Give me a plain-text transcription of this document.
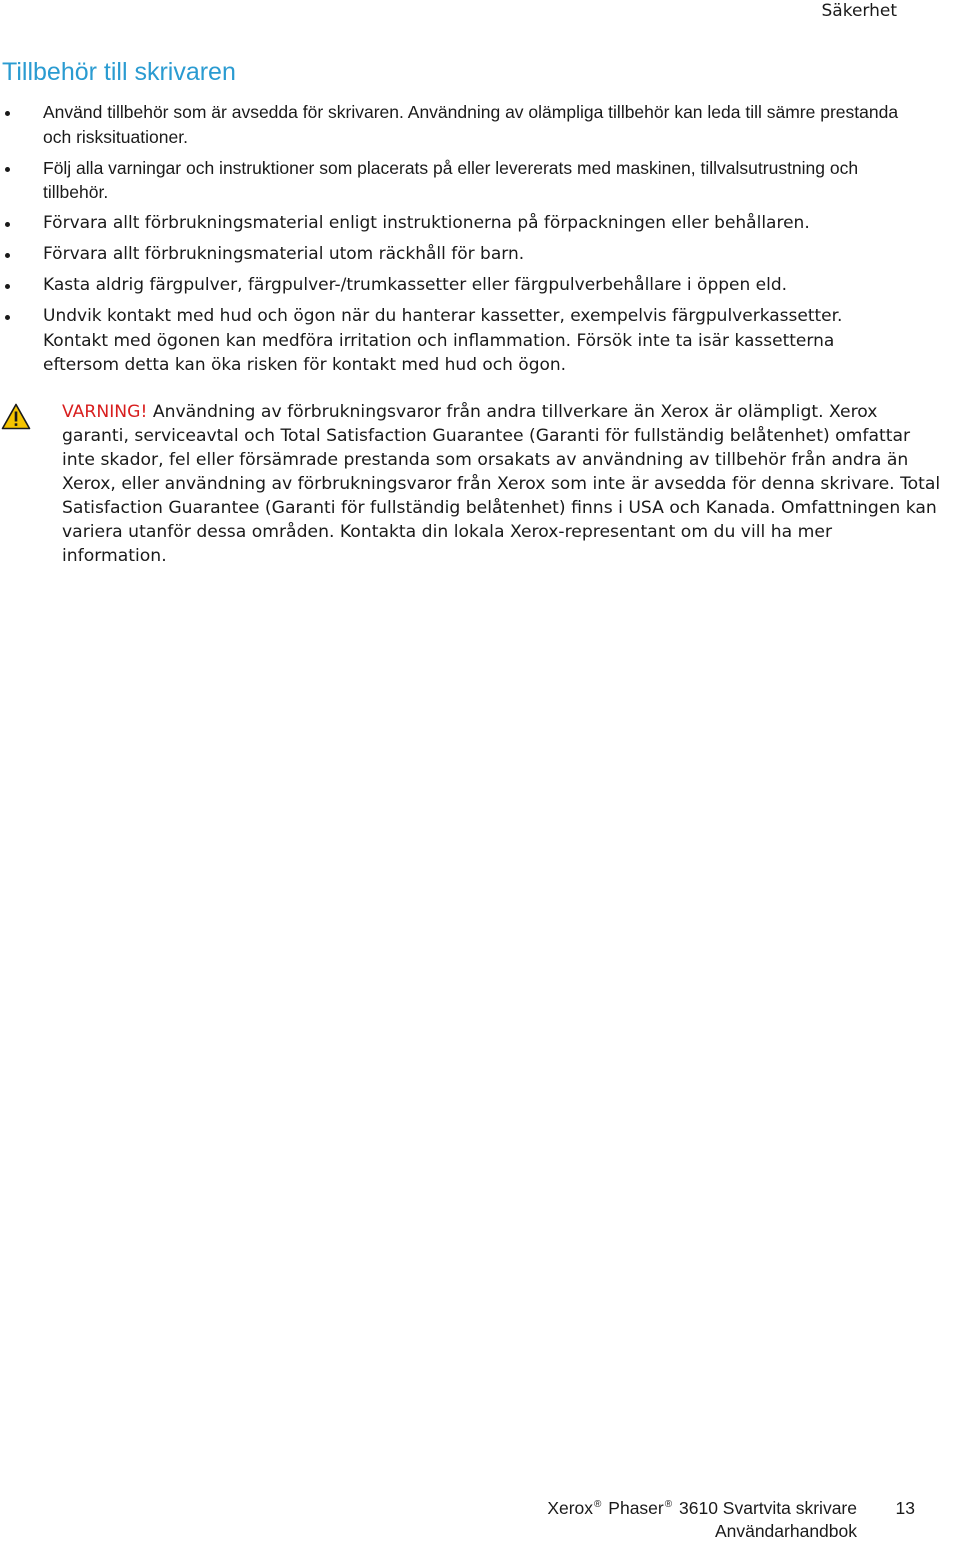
Säkerhet
Tillbehör till skrivaren
Använd tillbehör som är avsedda för skrivaren. Användning av olämpliga tillbehör kan leda till sämre prestanda och risksituationer.
Följ alla varningar och instruktioner som placerats på eller levererats med maskinen, tillvalsutrustning och tillbehör.
Förvara allt förbrukningsmaterial enligt instruktionerna på förpackningen eller behållaren.
Förvara allt förbrukningsmaterial utom räckhåll för barn.
Kasta aldrig färgpulver, färgpulver-/trumkassetter eller färgpulverbehållare i öppen eld.
Undvik kontakt med hud och ögon när du hanterar kassetter, exempelvis färgpulverkassetter. Kontakt med ögonen kan medföra irritation och inflammation. Försök inte ta isär kassetterna eftersom detta kan öka risken för kontakt med hud och ögon.

VARNING! Användning av förbrukningsvaror från andra tillverkare än Xerox är olämpligt. Xerox garanti, serviceavtal och Total Satisfaction Guarantee (Garanti för fullständig belåtenhet) omfattar inte skador, fel eller försämrade prestanda som orsakats av användning av tillbehör från andra än Xerox, eller användning av förbrukningsvaror från Xerox som inte är avsedda för denna skrivare. Total Satisfaction Guarantee (Garanti för fullständig belåtenhet) finns i USA och Kanada. Omfattningen kan variera utanför dessa områden. Kontakta din lokala Xerox-representant om du vill ha mer information.

Xerox® Phaser® 3610 Svartvita skrivare
Användarhandbok
13
